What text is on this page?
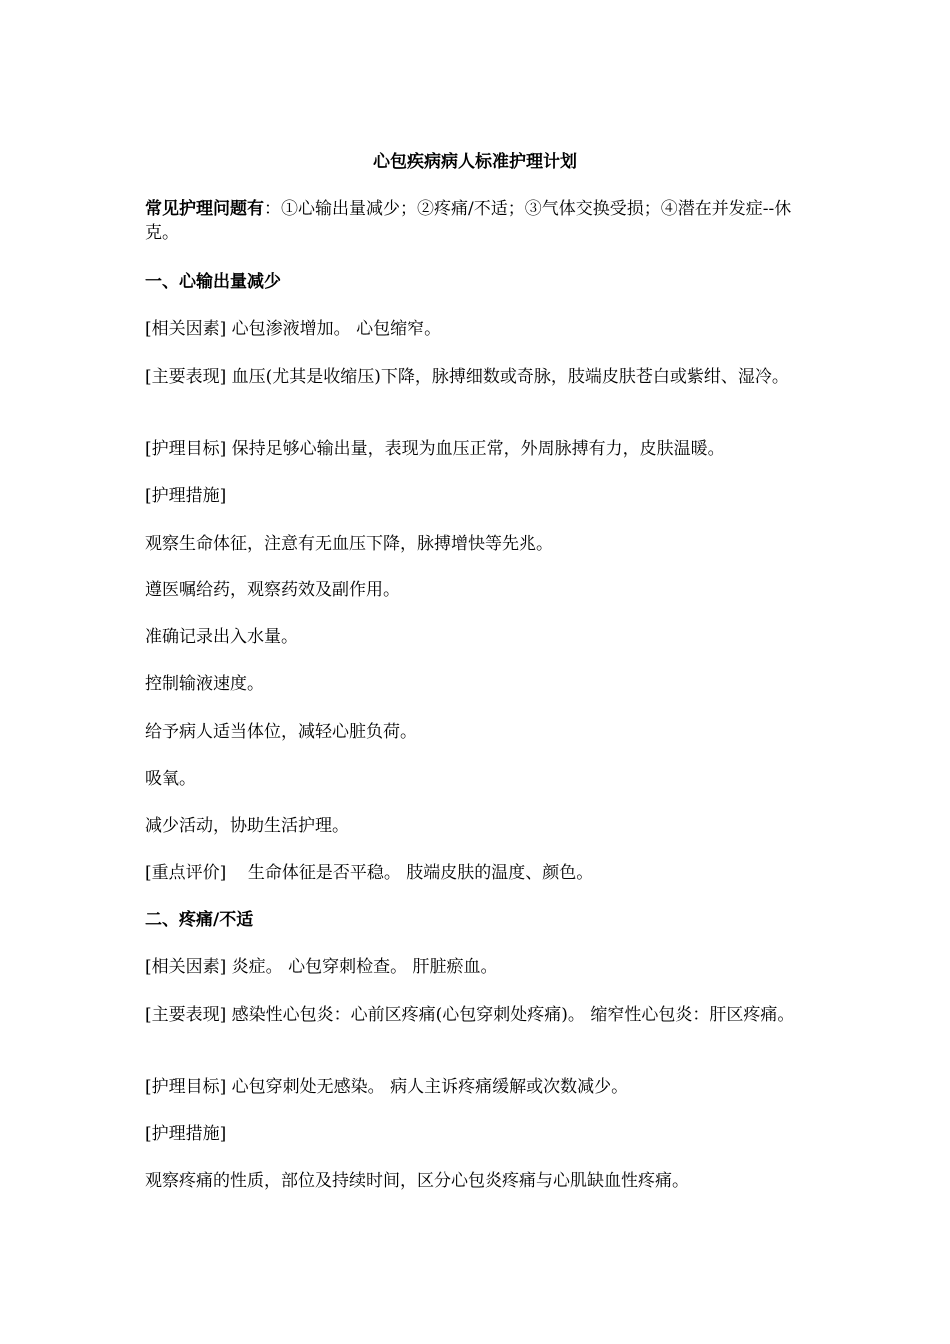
心包疾病病人标准护理计划
常见护理问题有：①心输出量减少；②疼痛/不适；③气体交换受损；④潜在并发症--休克。
一、心输出量减少
[相关因素] 心包渗液增加。 心包缩窄。
[主要表现] 血压(尤其是收缩压)下降，脉搏细数或奇脉，肢端皮肤苍白或紫绀、湿冷。
[护理目标] 保持足够心输出量，表现为血压正常，外周脉搏有力，皮肤温暖。
[护理措施]
观察生命体征，注意有无血压下降，脉搏增快等先兆。
遵医嘱给药，观察药效及副作用。
准确记录出入水量。
控制输液速度。
给予病人适当体位，减轻心脏负荷。
吸氧。
减少活动，协助生活护理。
[重点评价]    生命体征是否平稳。 肢端皮肤的温度、颜色。
二、疼痛/不适
[相关因素] 炎症。 心包穿刺检查。 肝脏瘀血。
[主要表现] 感染性心包炎：心前区疼痛(心包穿刺处疼痛)。 缩窄性心包炎：肝区疼痛。
[护理目标] 心包穿刺处无感染。 病人主诉疼痛缓解或次数减少。
[护理措施]
观察疼痛的性质，部位及持续时间，区分心包炎疼痛与心肌缺血性疼痛。
